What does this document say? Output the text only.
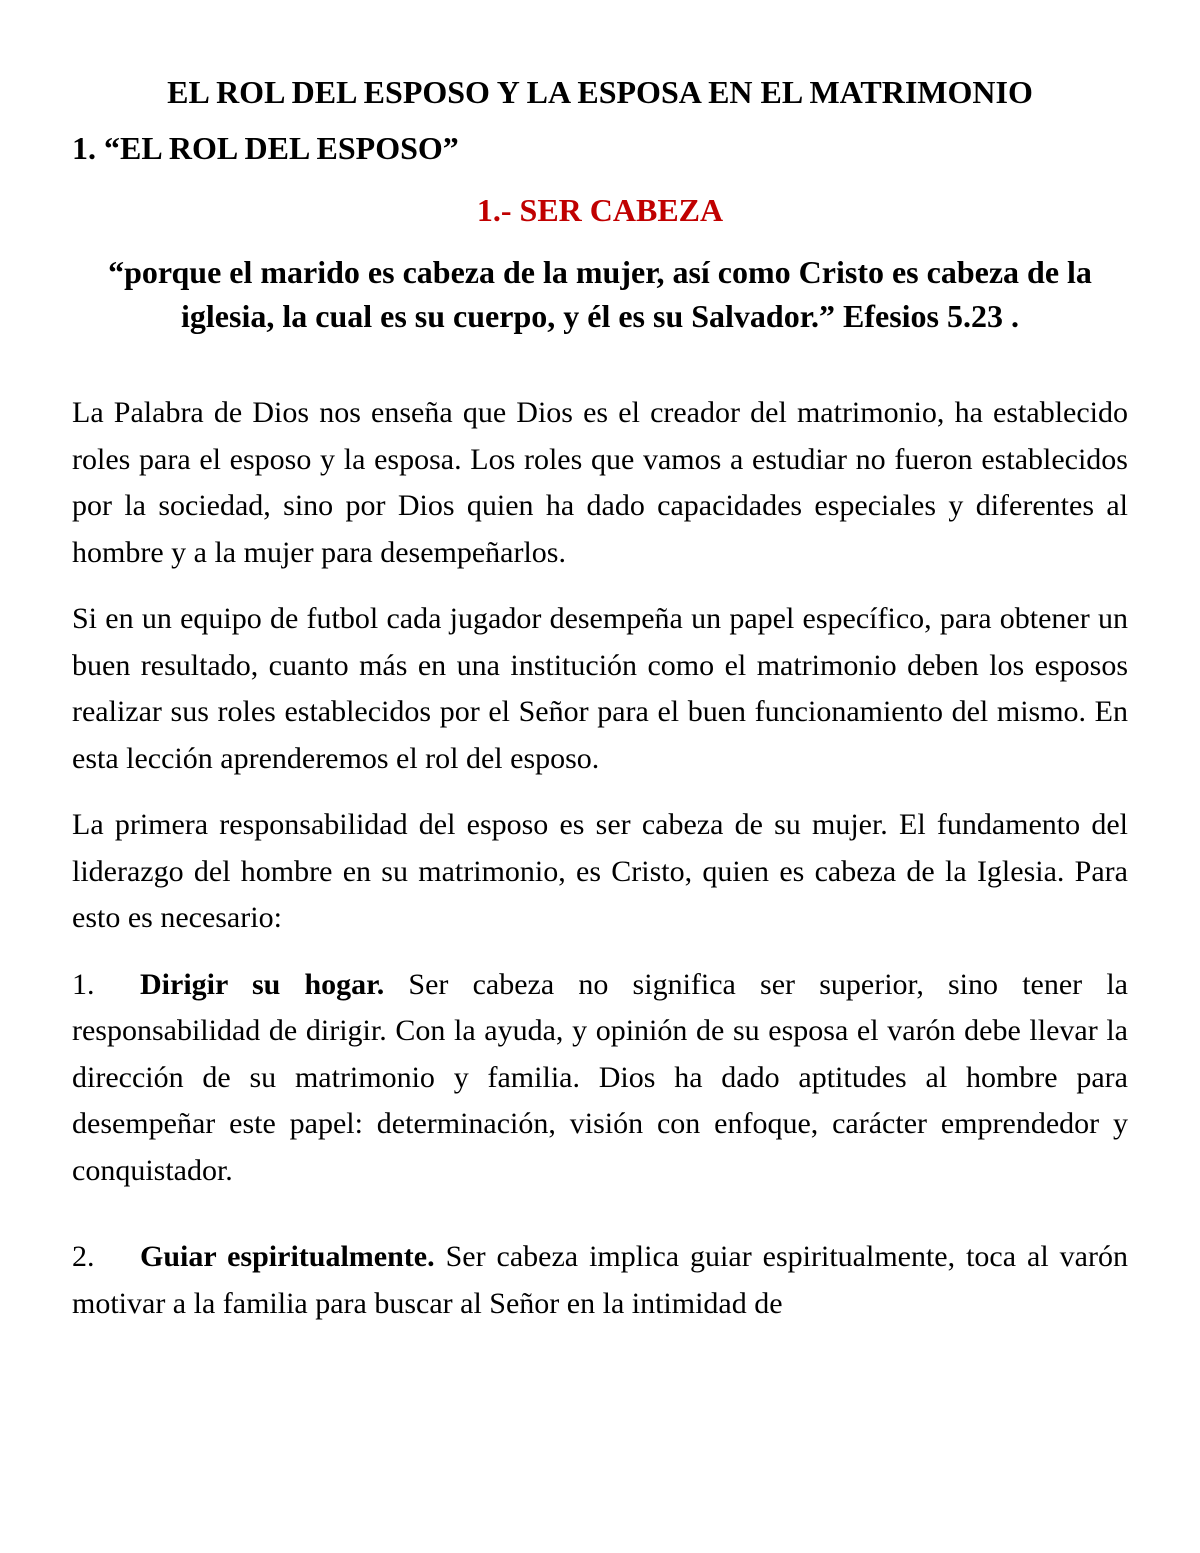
EL ROL DEL ESPOSO Y LA ESPOSA EN EL MATRIMONIO
1. “EL ROL DEL ESPOSO”
1.- SER CABEZA
“porque el marido es cabeza de la mujer, así como Cristo es cabeza de la iglesia, la cual es su cuerpo, y él es su Salvador.” Efesios 5.23 .

La Palabra de Dios nos enseña que Dios es el creador del matrimonio, ha establecido roles para el esposo y la esposa. Los roles que vamos a estudiar no fueron establecidos por la sociedad, sino por Dios quien ha dado capacidades especiales y diferentes al hombre y a la mujer para desempeñarlos.

Si en un equipo de futbol cada jugador desempeña un papel específico, para obtener un buen resultado, cuanto más en una institución como el matrimonio deben los esposos realizar sus roles establecidos por el Señor para el buen funcionamiento del mismo. En esta lección aprenderemos el rol del esposo.

La primera responsabilidad del esposo es ser cabeza de su mujer. El fundamento del liderazgo del hombre en su matrimonio, es Cristo, quien es cabeza de la Iglesia. Para esto es necesario:

1. Dirigir su hogar. Ser cabeza no significa ser superior, sino tener la responsabilidad de dirigir. Con la ayuda, y opinión de su esposa el varón debe llevar la dirección de su matrimonio y familia. Dios ha dado aptitudes al hombre para desempeñar este papel: determinación, visión con enfoque, carácter emprendedor y conquistador.

2. Guiar espiritualmente. Ser cabeza implica guiar espiritualmente, toca al varón motivar a la familia para buscar al Señor en la intimidad de
